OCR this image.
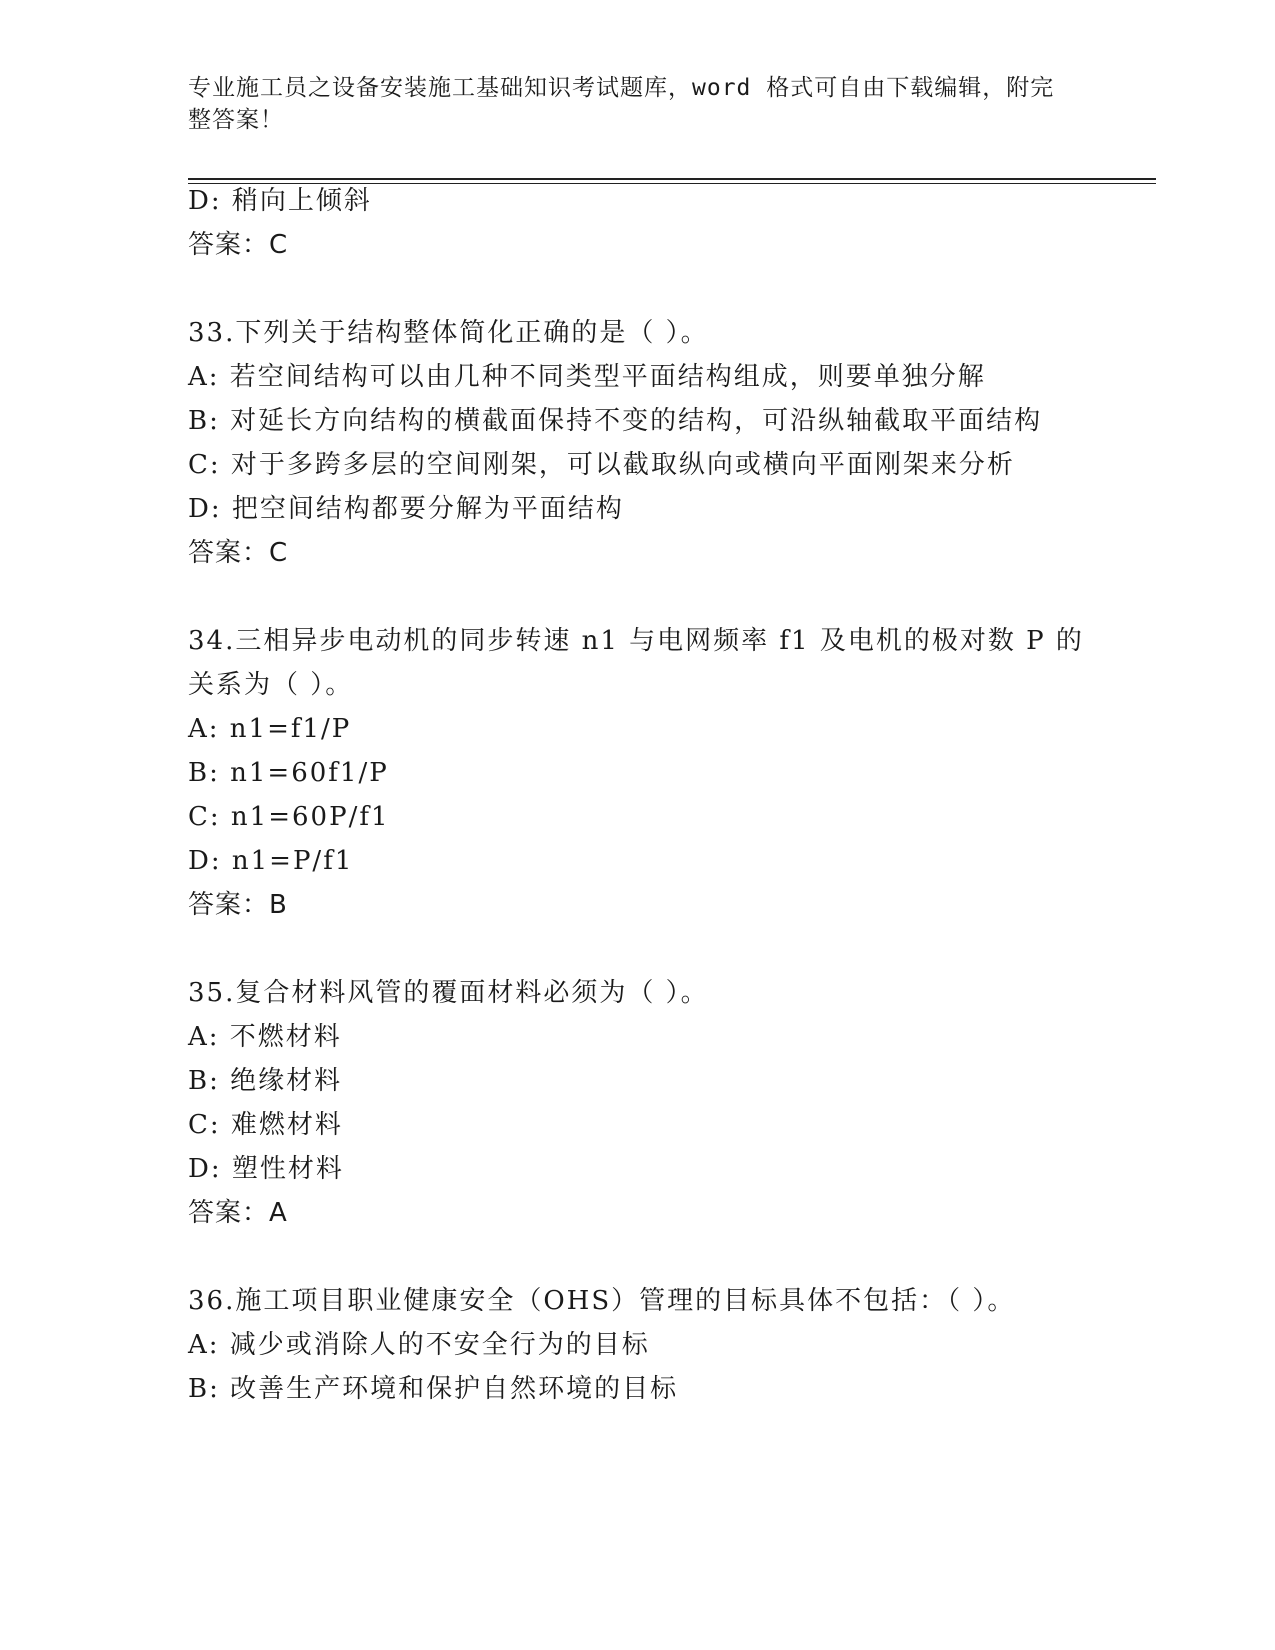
专业施工员之设备安装施工基础知识考试题库，word 格式可自由下载编辑，附完
整答案！
D: 稍向上倾斜
答案：C
33.下列关于结构整体简化正确的是（ ）。
A: 若空间结构可以由几种不同类型平面结构组成，则要单独分解
B: 对延长方向结构的横截面保持不变的结构，可沿纵轴截取平面结构
C: 对于多跨多层的空间刚架，可以截取纵向或横向平面刚架来分析
D: 把空间结构都要分解为平面结构
答案：C
34.三相异步电动机的同步转速 n1 与电网频率 f1 及电机的极对数 P 的
关系为（ ）。
A: n1=f1/P
B: n1=60f1/P
C: n1=60P/f1
D: n1=P/f1
答案：B
35.复合材料风管的覆面材料必须为（ ）。
A: 不燃材料
B: 绝缘材料
C: 难燃材料
D: 塑性材料
答案：A
36.施工项目职业健康安全（OHS）管理的目标具体不包括：（ ）。
A: 减少或消除人的不安全行为的目标
B: 改善生产环境和保护自然环境的目标
